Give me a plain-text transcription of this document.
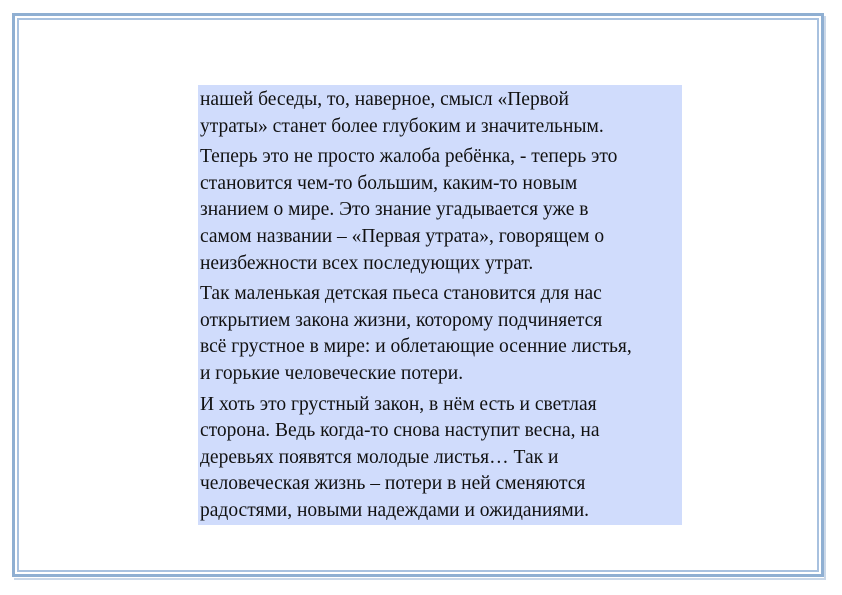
нашей беседы, то, наверное, смысл «Первой
утраты» станет более глубоким и значительным.

Теперь это не просто жалоба ребёнка, - теперь это
становится чем-то большим, каким-то новым
знанием о мире. Это знание угадывается уже в
самом названии – «Первая утрата», говорящем о
неизбежности всех последующих утрат.

Так маленькая детская пьеса становится для нас
открытием закона жизни, которому подчиняется
всё грустное в мире: и облетающие осенние листья,
и горькие человеческие потери.

И хоть это грустный закон, в нём есть и светлая
сторона. Ведь когда-то снова наступит весна, на
деревьях появятся молодые листья… Так и
человеческая жизнь – потери в ней сменяются
радостями, новыми надеждами и ожиданиями.
